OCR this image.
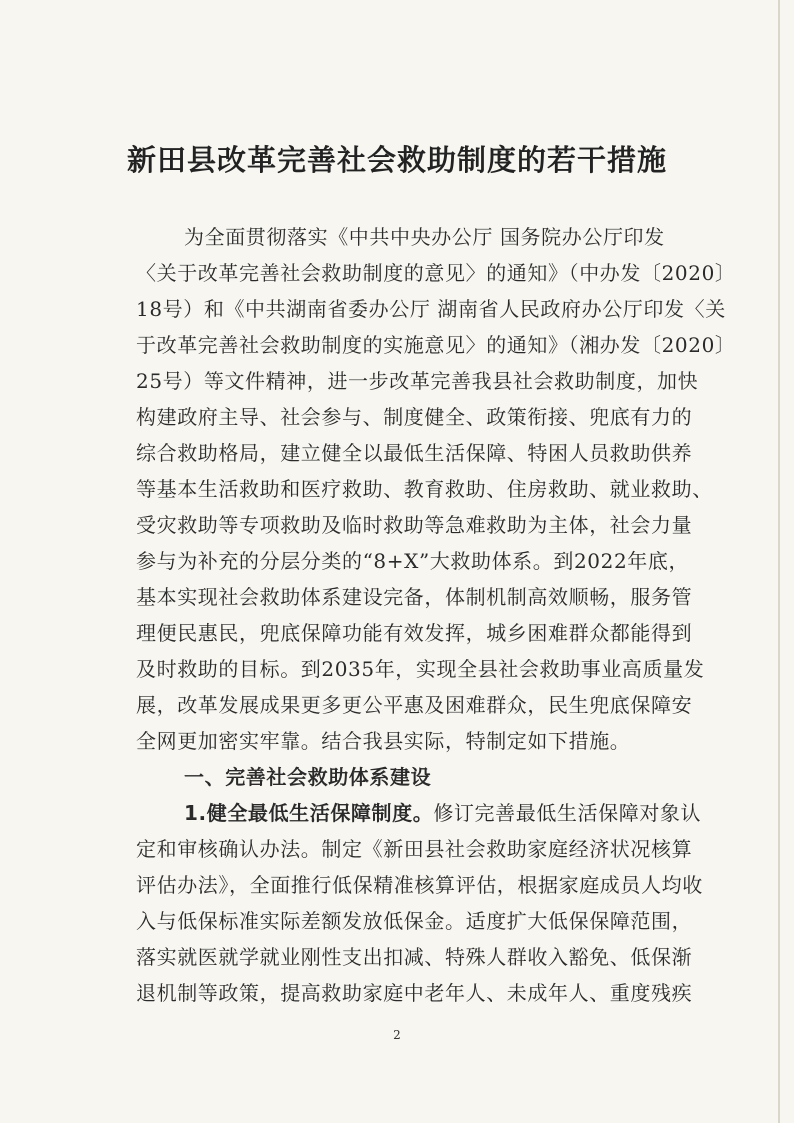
新田县改革完善社会救助制度的若干措施
为全面贯彻落实《中共中央办公厅 国务院办公厅印发
〈关于改革完善社会救助制度的意见〉的通知》（中办发〔2020〕
18号）和《中共湖南省委办公厅 湖南省人民政府办公厅印发〈关
于改革完善社会救助制度的实施意见〉的通知》（湘办发〔2020〕
25号）等文件精神，进一步改革完善我县社会救助制度，加快
构建政府主导、社会参与、制度健全、政策衔接、兜底有力的
综合救助格局，建立健全以最低生活保障、特困人员救助供养
等基本生活救助和医疗救助、教育救助、住房救助、就业救助、
受灾救助等专项救助及临时救助等急难救助为主体，社会力量
参与为补充的分层分类的“8+X”大救助体系。到2022年底，
基本实现社会救助体系建设完备，体制机制高效顺畅，服务管
理便民惠民，兜底保障功能有效发挥，城乡困难群众都能得到
及时救助的目标。到2035年，实现全县社会救助事业高质量发
展，改革发展成果更多更公平惠及困难群众，民生兜底保障安
全网更加密实牢靠。结合我县实际，特制定如下措施。
一、完善社会救助体系建设
1.健全最低生活保障制度。修订完善最低生活保障对象认
定和审核确认办法。制定《新田县社会救助家庭经济状况核算
评估办法》，全面推行低保精准核算评估，根据家庭成员人均收
入与低保标准实际差额发放低保金。适度扩大低保保障范围，
落实就医就学就业刚性支出扣减、特殊人群收入豁免、低保渐
退机制等政策，提高救助家庭中老年人、未成年人、重度残疾
2
